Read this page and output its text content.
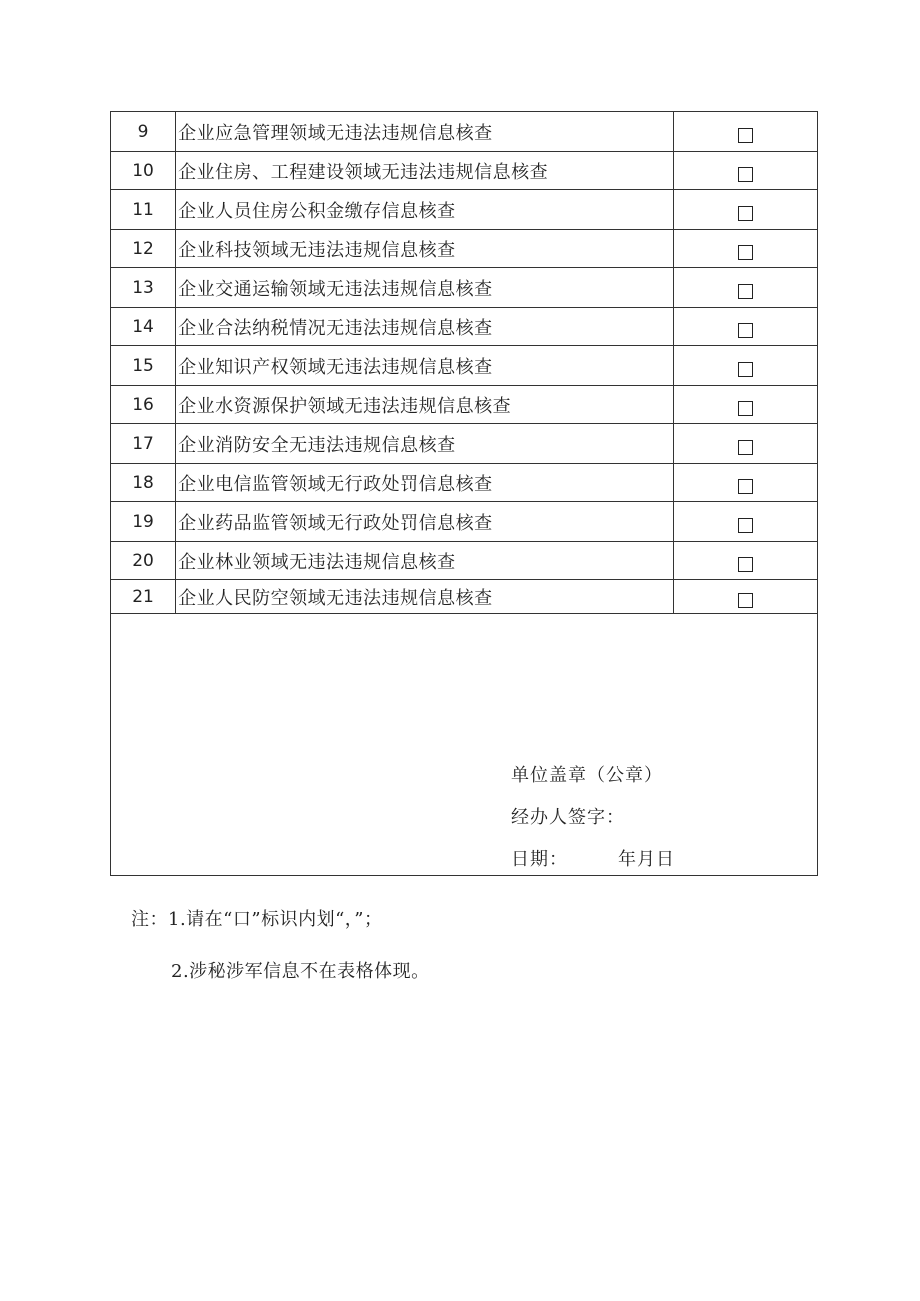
9	企业应急管理领域无违法违规信息核查	
10	企业住房、工程建设领域无违法违规信息核查	
11	企业人员住房公积金缴存信息核查	
12	企业科技领域无违法违规信息核查	
13	企业交通运输领域无违法违规信息核查	
14	企业合法纳税情况无违法违规信息核查	
15	企业知识产权领域无违法违规信息核查	
16	企业水资源保护领域无违法违规信息核查	
17	企业消防安全无违法违规信息核查	
18	企业电信监管领域无行政处罚信息核查	
19	企业药品监管领域无行政处罚信息核查	
20	企业林业领域无违法违规信息核查	
21	企业人民防空领域无违法违规信息核查	

单位盖章（公章）
经办人签字：
日期： 年月日		
注：1.请在“口”标识内划“，”；
2.涉秘涉军信息不在表格体现。
